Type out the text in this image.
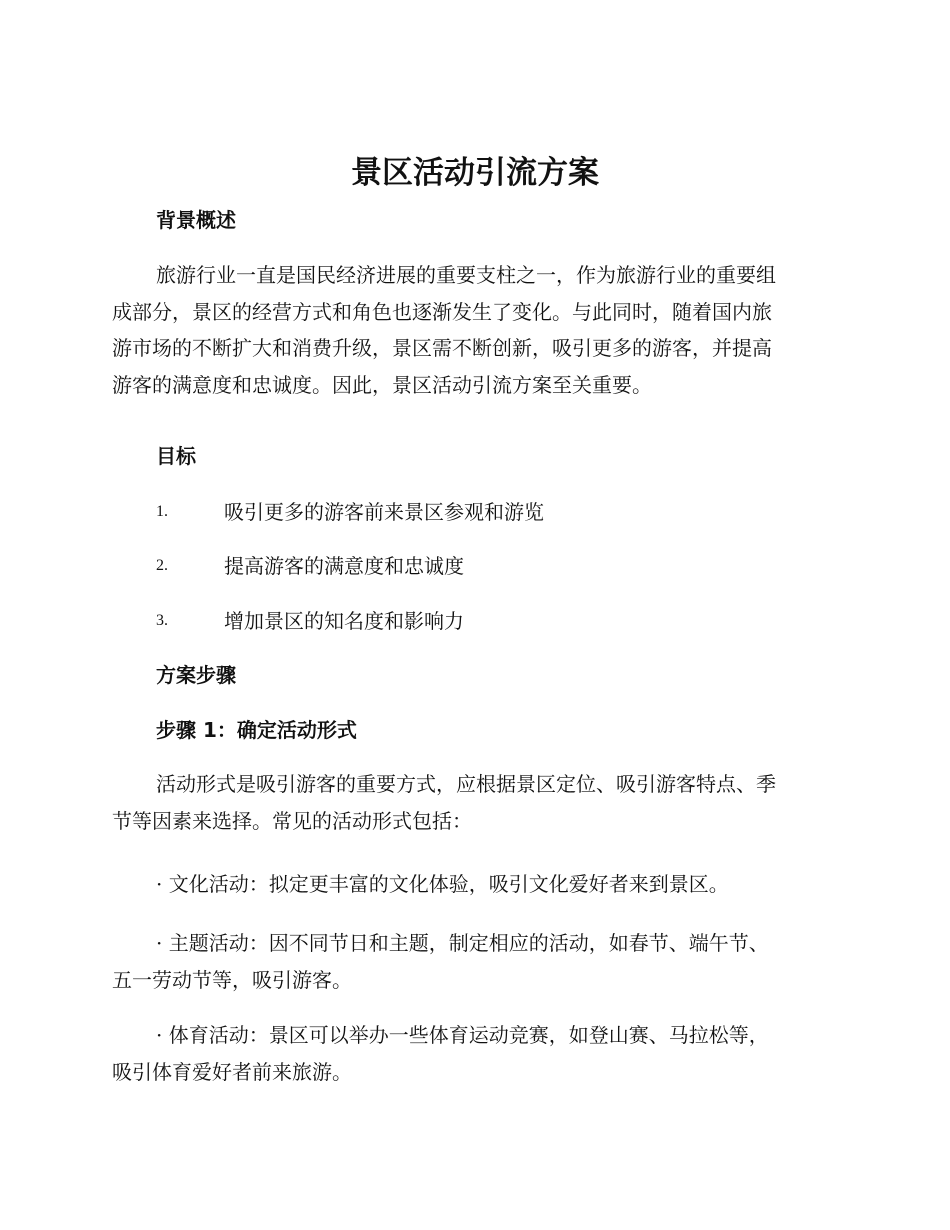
景区活动引流方案
背景概述
旅游行业一直是国民经济进展的重要支柱之一，作为旅游行业的重要组
成部分，景区的经营方式和角色也逐渐发生了变化。与此同时，随着国内旅
游市场的不断扩大和消费升级，景区需不断创新，吸引更多的游客，并提高
游客的满意度和忠诚度。因此，景区活动引流方案至关重要。
目标
1.	吸引更多的游客前来景区参观和游览
2.	提高游客的满意度和忠诚度
3.	增加景区的知名度和影响力
方案步骤
步骤 1：确定活动形式
活动形式是吸引游客的重要方式，应根据景区定位、吸引游客特点、季
节等因素来选择。常见的活动形式包括：
· 文化活动：拟定更丰富的文化体验，吸引文化爱好者来到景区。
· 主题活动：因不同节日和主题，制定相应的活动，如春节、端午节、
五一劳动节等，吸引游客。
· 体育活动：景区可以举办一些体育运动竞赛，如登山赛、马拉松等，
吸引体育爱好者前来旅游。
